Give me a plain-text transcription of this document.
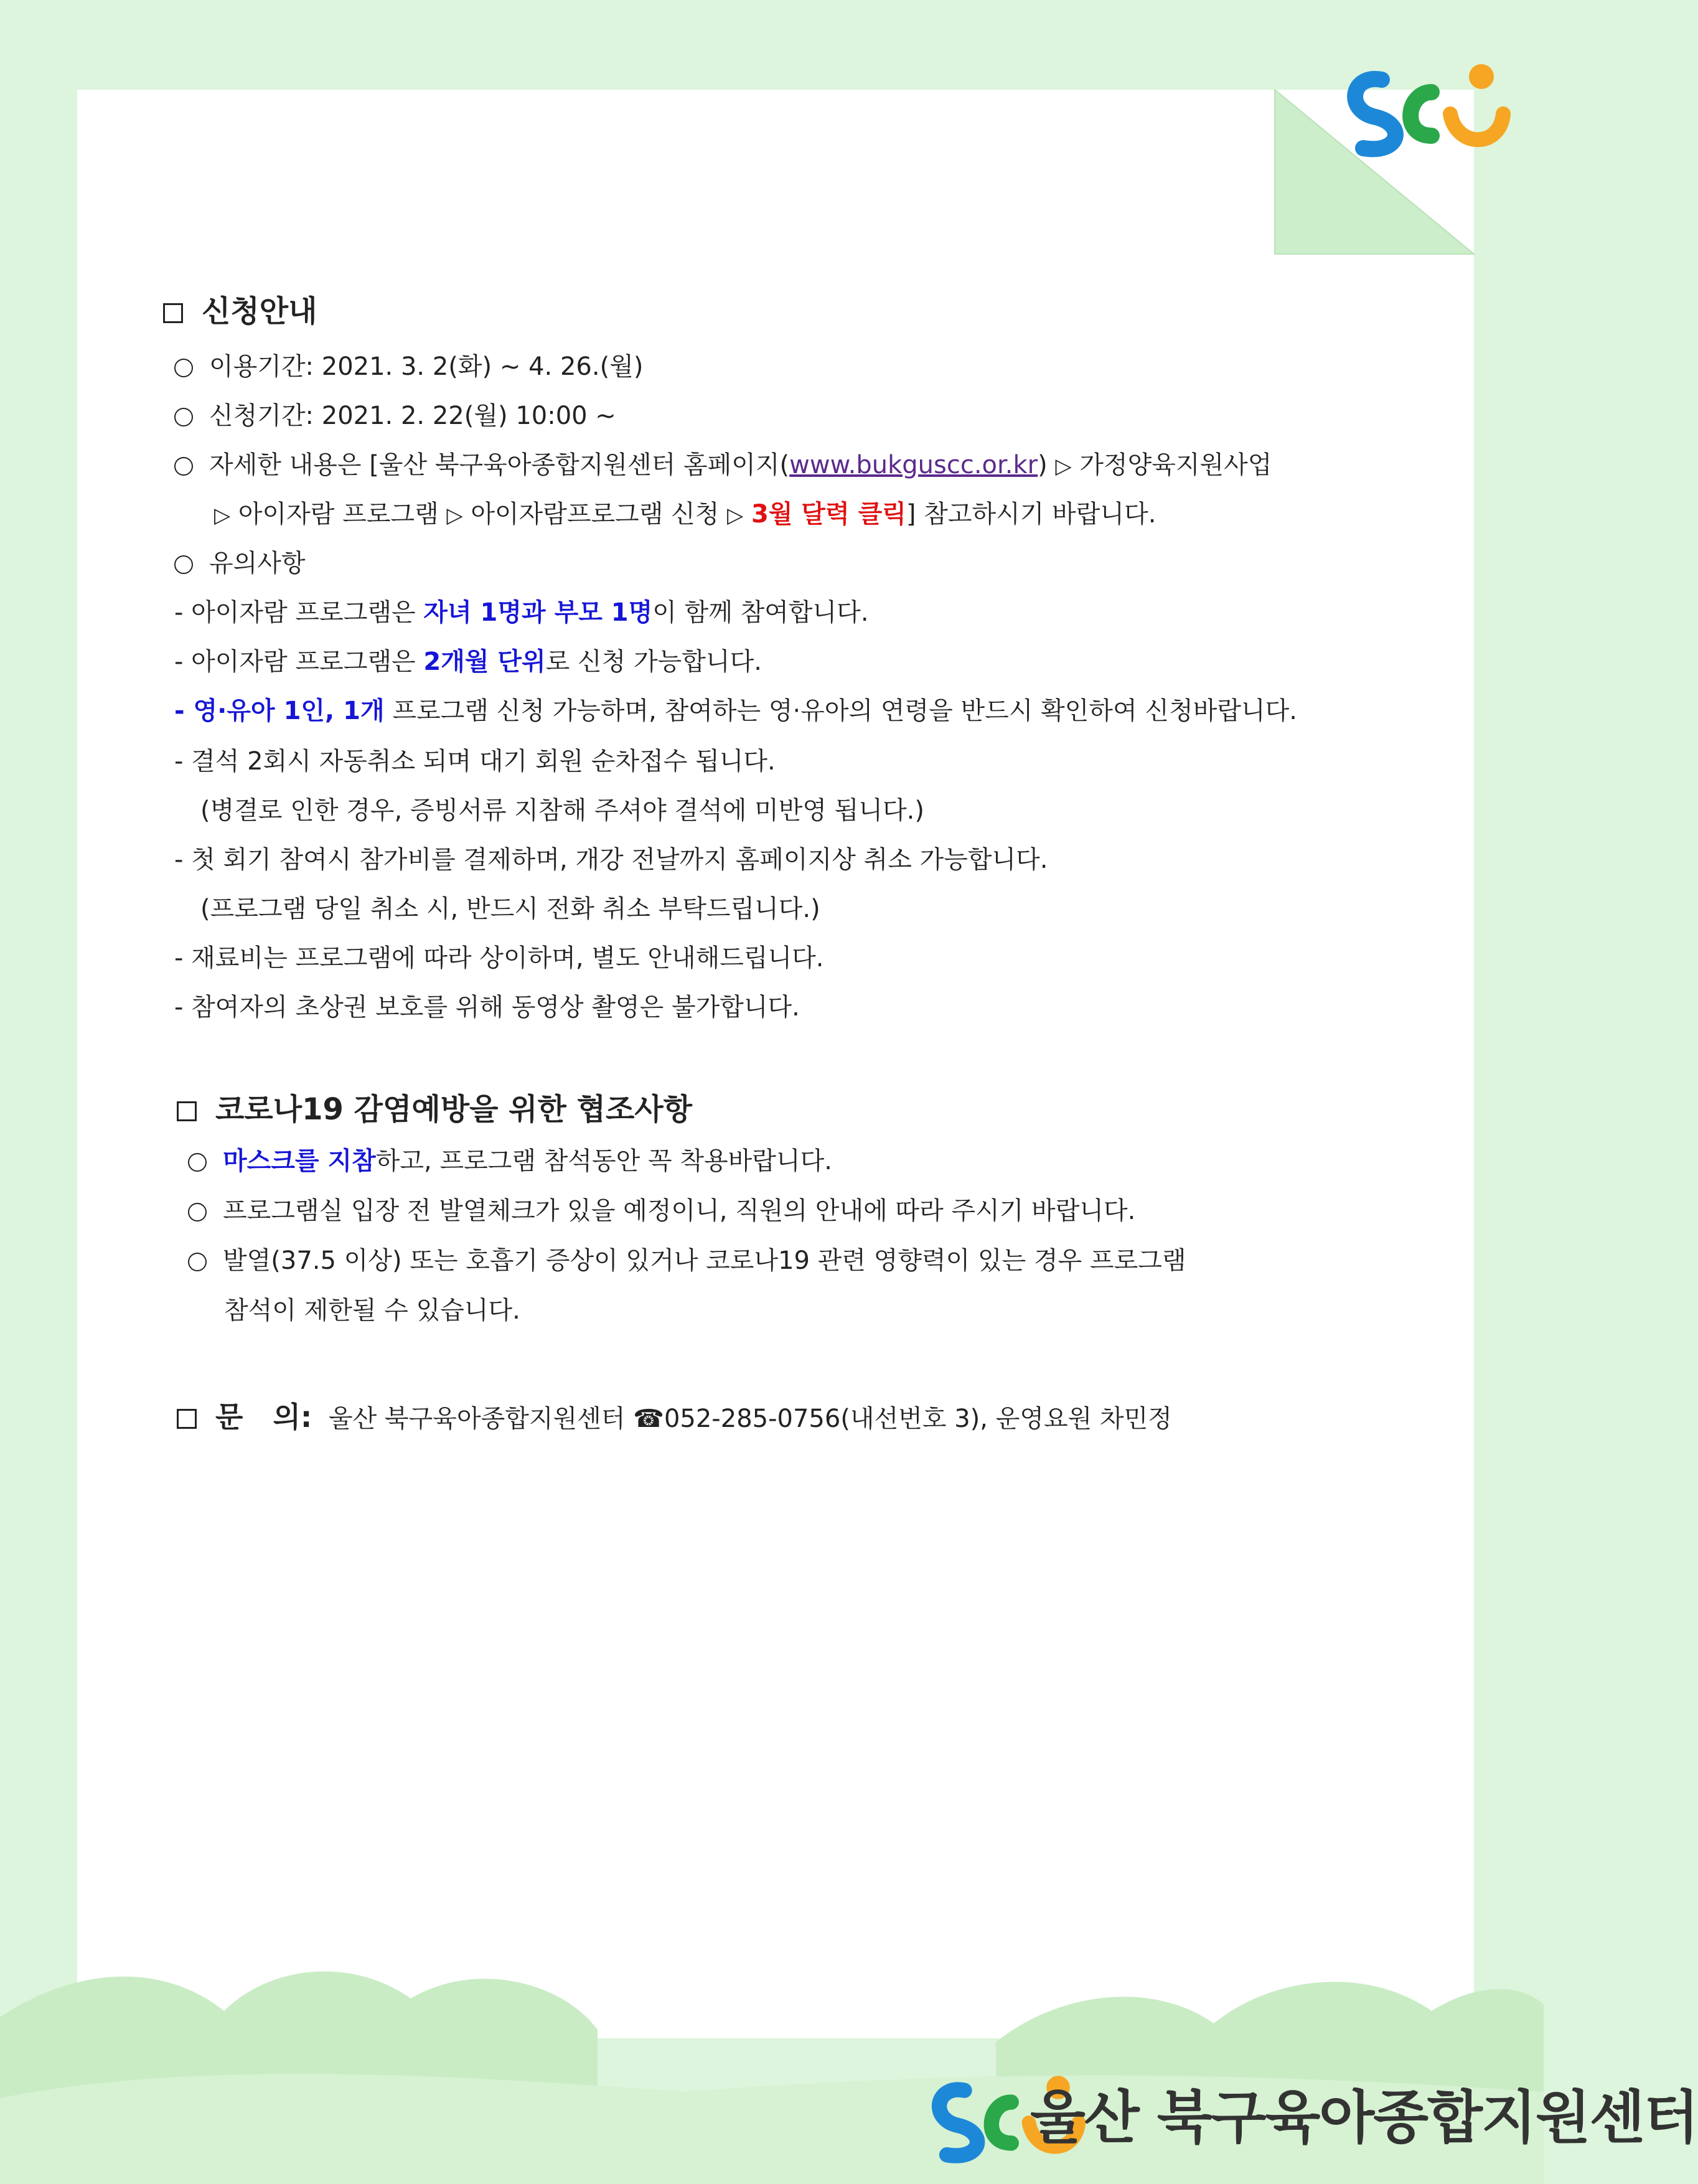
울산 북구육아종합지원센터
신청안내
이용기간: 2021. 3. 2(화) ~ 4. 26.(월)
신청기간: 2021. 2. 22(월) 10:00 ~
자세한 내용은 [울산 북구육아종합지원센터 홈페이지(www.bukguscc.or.kr) ▷ 가정양육지원사업
▷ 아이자람 프로그램 ▷ 아이자람프로그램 신청 ▷ 3월 달력 클릭] 참고하시기 바랍니다.
유의사항
- 아이자람 프로그램은 자녀 1명과 부모 1명이 함께 참여합니다.
- 아이자람 프로그램은 2개월 단위로 신청 가능합니다.
- 영·유아 1인, 1개 프로그램 신청 가능하며, 참여하는 영·유아의 연령을 반드시 확인하여 신청바랍니다.
- 결석 2회시 자동취소 되며 대기 회원 순차접수 됩니다.
(병결로 인한 경우, 증빙서류 지참해 주셔야 결석에 미반영 됩니다.)
- 첫 회기 참여시 참가비를 결제하며, 개강 전날까지 홈페이지상 취소 가능합니다.
(프로그램 당일 취소 시, 반드시 전화 취소 부탁드립니다.)
- 재료비는 프로그램에 따라 상이하며, 별도 안내해드립니다.
- 참여자의 초상권 보호를 위해 동영상 촬영은 불가합니다.
코로나19 감염예방을 위한 협조사항
마스크를 지참하고, 프로그램 참석동안 꼭 착용바랍니다.
프로그램실 입장 전 발열체크가 있을 예정이니, 직원의 안내에 따라 주시기 바랍니다.
발열(37.5 이상) 또는 호흡기 증상이 있거나 코로나19 관련 영향력이 있는 경우 프로그램
참석이 제한될 수 있습니다.
문   의: 울산 북구육아종합지원센터 ☎052-285-0756(내선번호 3), 운영요원 차민정
